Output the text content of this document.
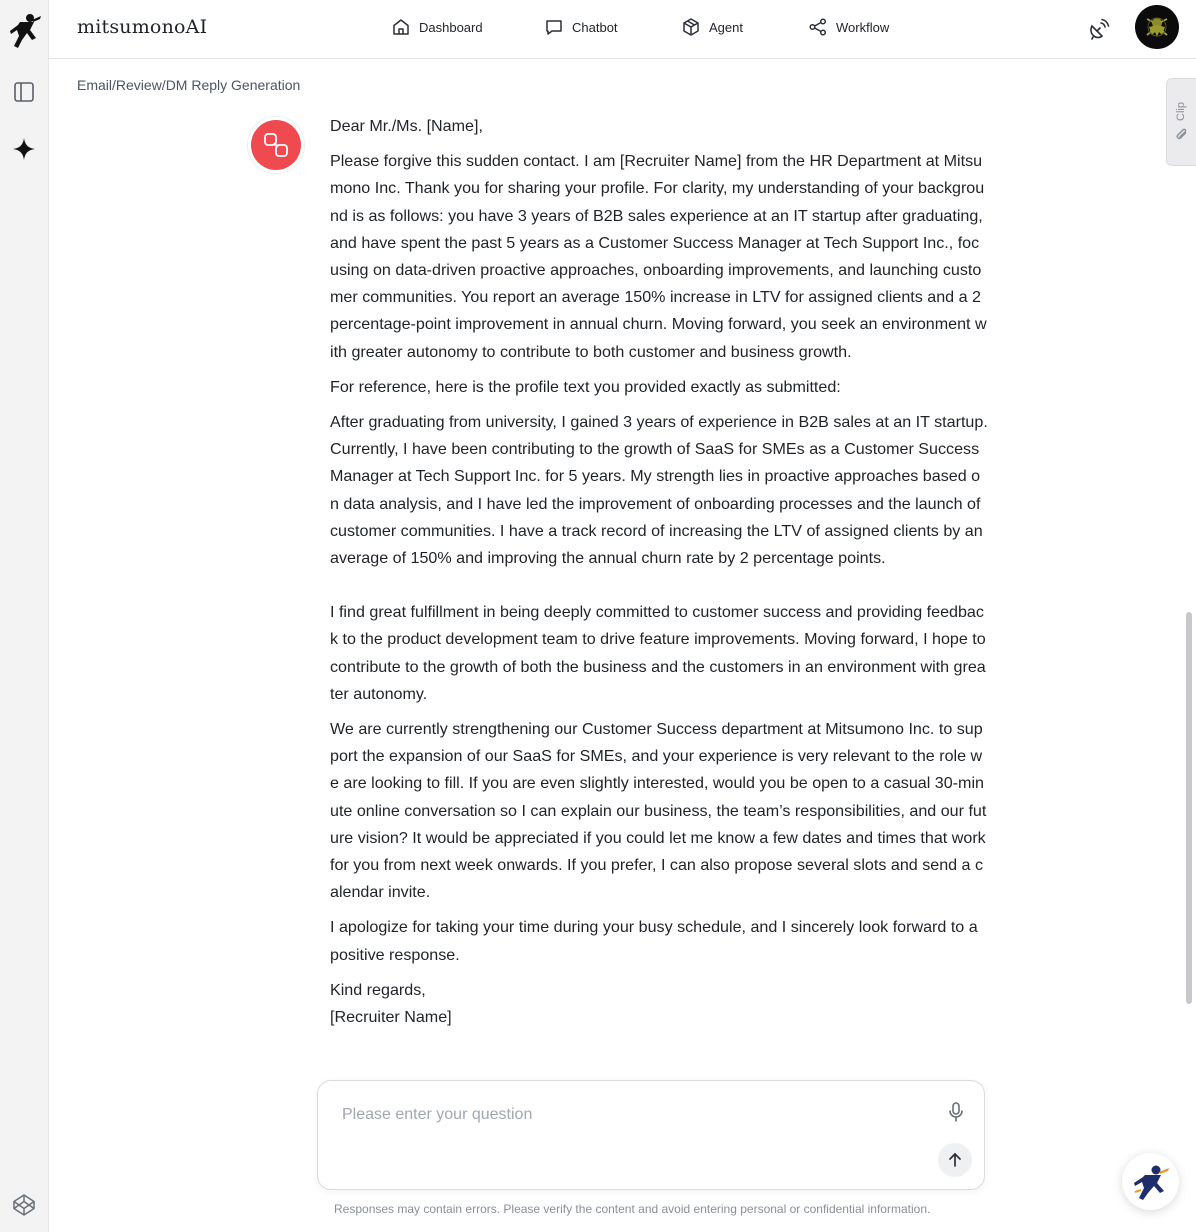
mitsumonoAI	Dashboard	Chatbot	Agent	Workflow
Email/Review/DM Reply Generation
Clip

Dear Mr./Ms. [Name],

Please forgive this sudden contact. I am [Recruiter Name] from the HR Department at Mitsumono Inc. Thank you for sharing your profile. For clarity, my understanding of your background is as follows: you have 3 years of B2B sales experience at an IT startup after graduating, and have spent the past 5 years as a Customer Success Manager at Tech Support Inc., focusing on data-driven proactive approaches, onboarding improvements, and launching customer communities. You report an average 150% increase in LTV for assigned clients and a 2 percentage-point improvement in annual churn. Moving forward, you seek an environment with greater autonomy to contribute to both customer and business growth.

For reference, here is the profile text you provided exactly as submitted:

After graduating from university, I gained 3 years of experience in B2B sales at an IT startup. Currently, I have been contributing to the growth of SaaS for SMEs as a Customer Success Manager at Tech Support Inc. for 5 years. My strength lies in proactive approaches based on data analysis, and I have led the improvement of onboarding processes and the launch of customer communities. I have a track record of increasing the LTV of assigned clients by an average of 150% and improving the annual churn rate by 2 percentage points.

I find great fulfillment in being deeply committed to customer success and providing feedback to the product development team to drive feature improvements. Moving forward, I hope to contribute to the growth of both the business and the customers in an environment with greater autonomy.

We are currently strengthening our Customer Success department at Mitsumono Inc. to support the expansion of our SaaS for SMEs, and your experience is very relevant to the role we are looking to fill. If you are even slightly interested, would you be open to a casual 30-minute online conversation so I can explain our business, the team’s responsibilities, and our future vision? It would be appreciated if you could let me know a few dates and times that work for you from next week onwards. If you prefer, I can also propose several slots and send a calendar invite.

I apologize for taking your time during your busy schedule, and I sincerely look forward to a positive response.

Kind regards,

[Recruiter Name]

Please enter your question
Responses may contain errors. Please verify the content and avoid entering personal or confidential information.
